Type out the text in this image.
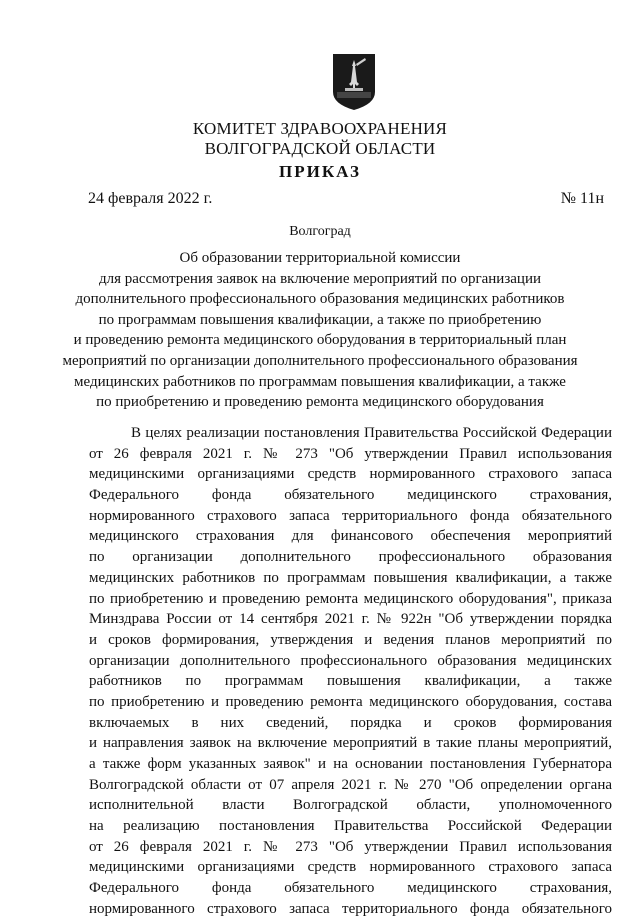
КОМИТЕТ ЗДРАВООХРАНЕНИЯ
ВОЛГОГРАДСКОЙ ОБЛАСТИ
ПРИКАЗ
24 февраля 2022 г.	№ 11н
Волгоград
Об образовании территориальной комиссии
для рассмотрения заявок на включение мероприятий по организации
дополнительного профессионального образования медицинских работников
по программам повышения квалификации, а также по приобретению
и проведению ремонта медицинского оборудования в территориальный план
мероприятий по организации дополнительного профессионального образования
медицинских работников по программам повышения квалификации, а также
по приобретению и проведению ремонта медицинского оборудования
В целях реализации постановления Правительства Российской Федерации
от 26 февраля 2021 г. № 273 "Об утверждении Правил использования
медицинскими организациями средств нормированного страхового запаса
Федерального фонда обязательного медицинского страхования,
нормированного страхового запаса территориального фонда обязательного
медицинского страхования для финансового обеспечения мероприятий
по организации дополнительного профессионального образования
медицинских работников по программам повышения квалификации, а также
по приобретению и проведению ремонта медицинского оборудования", приказа
Минздрава России от 14 сентября 2021 г. № 922н "Об утверждении порядка
и сроков формирования, утверждения и ведения планов мероприятий по
организации дополнительного профессионального образования медицинских
работников по программам повышения квалификации, а также
по приобретению и проведению ремонта медицинского оборудования, состава
включаемых в них сведений, порядка и сроков формирования
и направления заявок на включение мероприятий в такие планы мероприятий,
а также форм указанных заявок" и на основании постановления Губернатора
Волгоградской области от 07 апреля 2021 г. № 270 "Об определении органа
исполнительной власти Волгоградской области, уполномоченного
на реализацию постановления Правительства Российской Федерации
от 26 февраля 2021 г. № 273 "Об утверждении Правил использования
медицинскими организациями средств нормированного страхового запаса
Федерального фонда обязательного медицинского страхования,
нормированного страхового запаса территориального фонда обязательного
